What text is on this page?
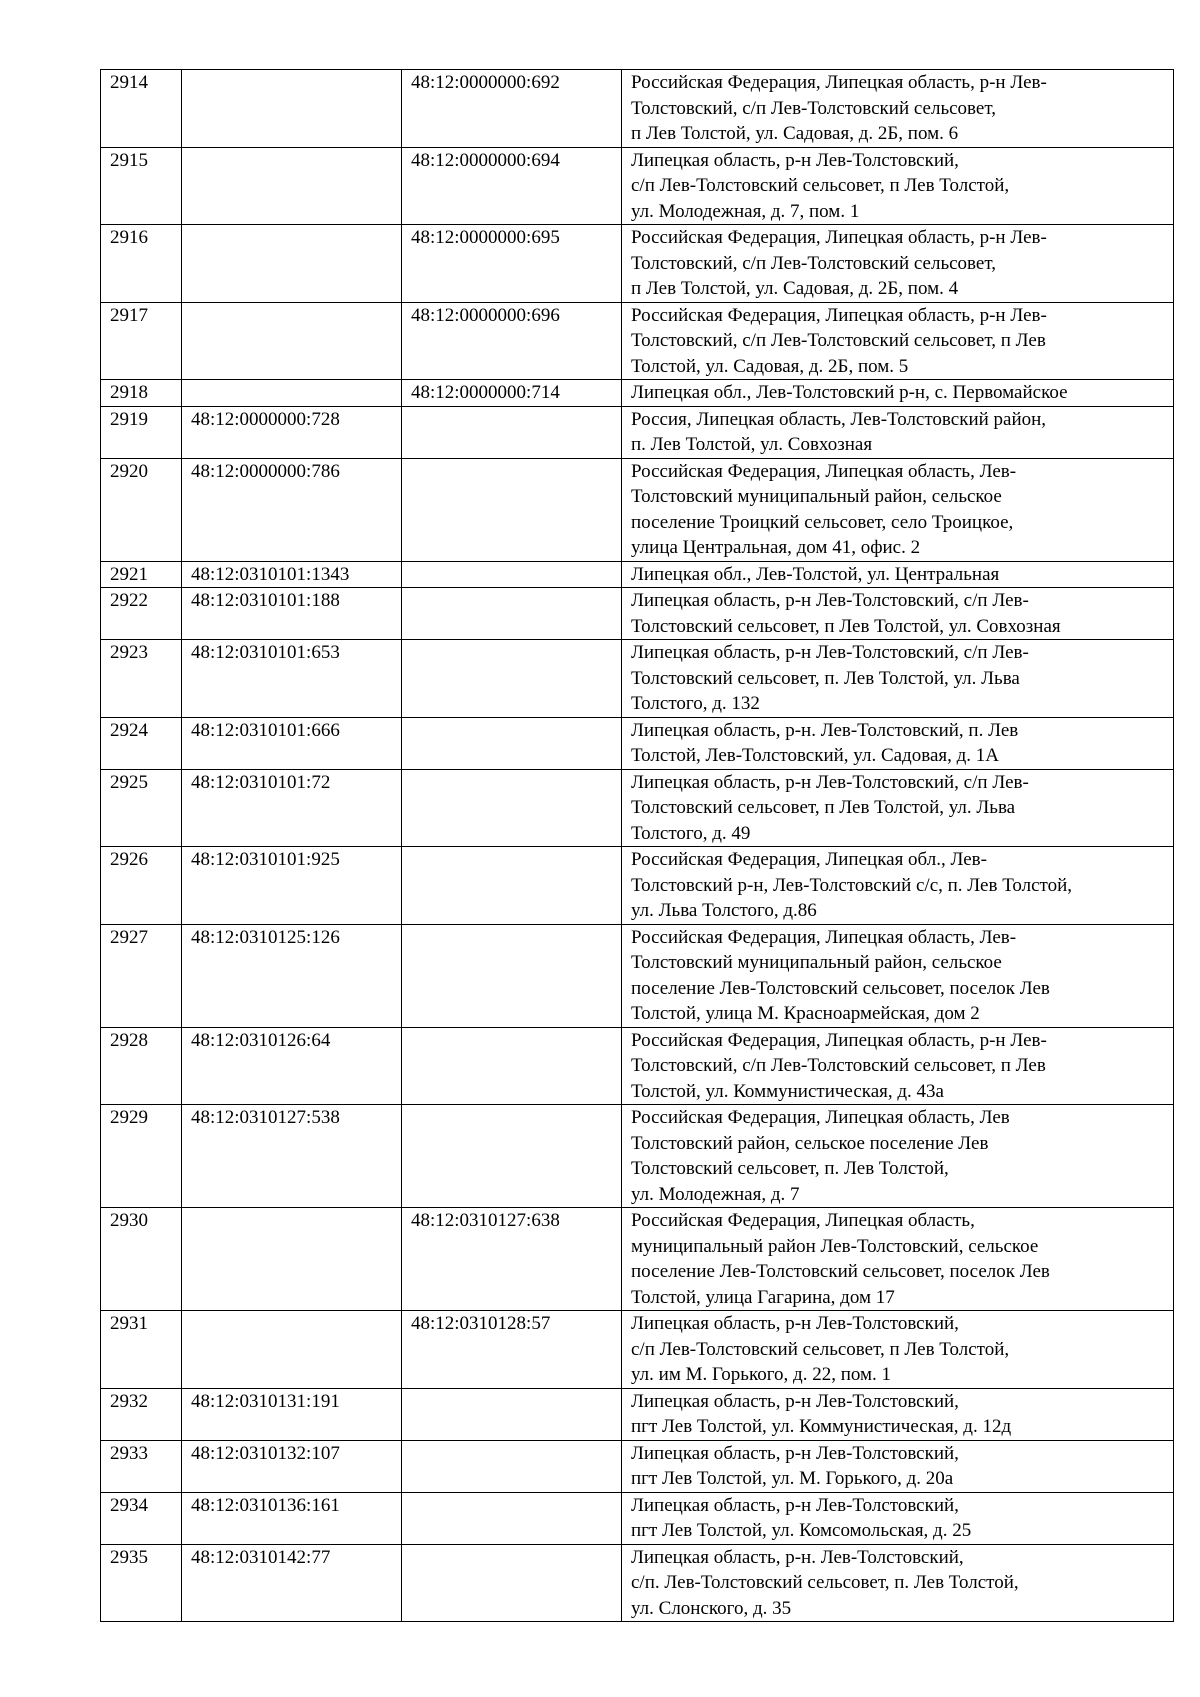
2914		48:12:0000000:692	Российская Федерация, Липецкая область, р-н Лев-
Толстовский, с/п Лев-Толстовский сельсовет,
п Лев Толстой, ул. Садовая, д. 2Б, пом. 6
2915		48:12:0000000:694	Липецкая область, р-н Лев-Толстовский,
с/п Лев-Толстовский сельсовет, п Лев Толстой,
ул. Молодежная, д. 7, пом. 1
2916		48:12:0000000:695	Российская Федерация, Липецкая область, р-н Лев-
Толстовский, с/п Лев-Толстовский сельсовет,
п Лев Толстой, ул. Садовая, д. 2Б, пом. 4
2917		48:12:0000000:696	Российская Федерация, Липецкая область, р-н Лев-
Толстовский, с/п Лев-Толстовский сельсовет, п Лев
Толстой, ул. Садовая, д. 2Б, пом. 5
2918		48:12:0000000:714	Липецкая обл., Лев-Толстовский р-н, с. Первомайское
2919	48:12:0000000:728		Россия, Липецкая область, Лев-Толстовский район,
п. Лев Толстой, ул. Совхозная
2920	48:12:0000000:786		Российская Федерация, Липецкая область, Лев-
Толстовский муниципальный район, сельское
поселение Троицкий сельсовет, село Троицкое,
улица Центральная, дом 41, офис. 2
2921	48:12:0310101:1343		Липецкая обл., Лев-Толстой, ул. Центральная
2922	48:12:0310101:188		Липецкая область, р-н Лев-Толстовский, с/п Лев-
Толстовский сельсовет, п Лев Толстой, ул. Совхозная
2923	48:12:0310101:653		Липецкая область, р-н Лев-Толстовский, с/п Лев-
Толстовский сельсовет, п. Лев Толстой, ул. Льва
Толстого, д. 132
2924	48:12:0310101:666		Липецкая область, р-н. Лев-Толстовский, п. Лев
Толстой, Лев-Толстовский, ул. Садовая, д. 1А
2925	48:12:0310101:72		Липецкая область, р-н Лев-Толстовский, с/п Лев-
Толстовский сельсовет, п Лев Толстой, ул. Льва
Толстого, д. 49
2926	48:12:0310101:925		Российская Федерация, Липецкая обл., Лев-
Толстовский р-н, Лев-Толстовский с/с, п. Лев Толстой,
ул. Льва Толстого, д.86
2927	48:12:0310125:126		Российская Федерация, Липецкая область, Лев-
Толстовский муниципальный район, сельское
поселение Лев-Толстовский сельсовет, поселок Лев
Толстой, улица М. Красноармейская, дом 2
2928	48:12:0310126:64		Российская Федерация, Липецкая область, р-н Лев-
Толстовский, с/п Лев-Толстовский сельсовет, п Лев
Толстой, ул. Коммунистическая, д. 43а
2929	48:12:0310127:538		Российская Федерация, Липецкая область, Лев
Толстовский район, сельское поселение Лев
Толстовский сельсовет, п. Лев Толстой,
ул. Молодежная, д. 7
2930		48:12:0310127:638	Российская Федерация, Липецкая область,
муниципальный район Лев-Толстовский, сельское
поселение Лев-Толстовский сельсовет, поселок Лев
Толстой, улица Гагарина, дом 17
2931		48:12:0310128:57	Липецкая область, р-н Лев-Толстовский,
с/п Лев-Толстовский сельсовет, п Лев Толстой,
ул. им М. Горького, д. 22, пом. 1
2932	48:12:0310131:191		Липецкая область, р-н Лев-Толстовский,
пгт Лев Толстой, ул. Коммунистическая, д. 12д
2933	48:12:0310132:107		Липецкая область, р-н Лев-Толстовский,
пгт Лев Толстой, ул. М. Горького, д. 20а
2934	48:12:0310136:161		Липецкая область, р-н Лев-Толстовский,
пгт Лев Толстой, ул. Комсомольская, д. 25
2935	48:12:0310142:77		Липецкая область, р-н. Лев-Толстовский,
с/п. Лев-Толстовский сельсовет, п. Лев Толстой,
ул. Слонского, д. 35
